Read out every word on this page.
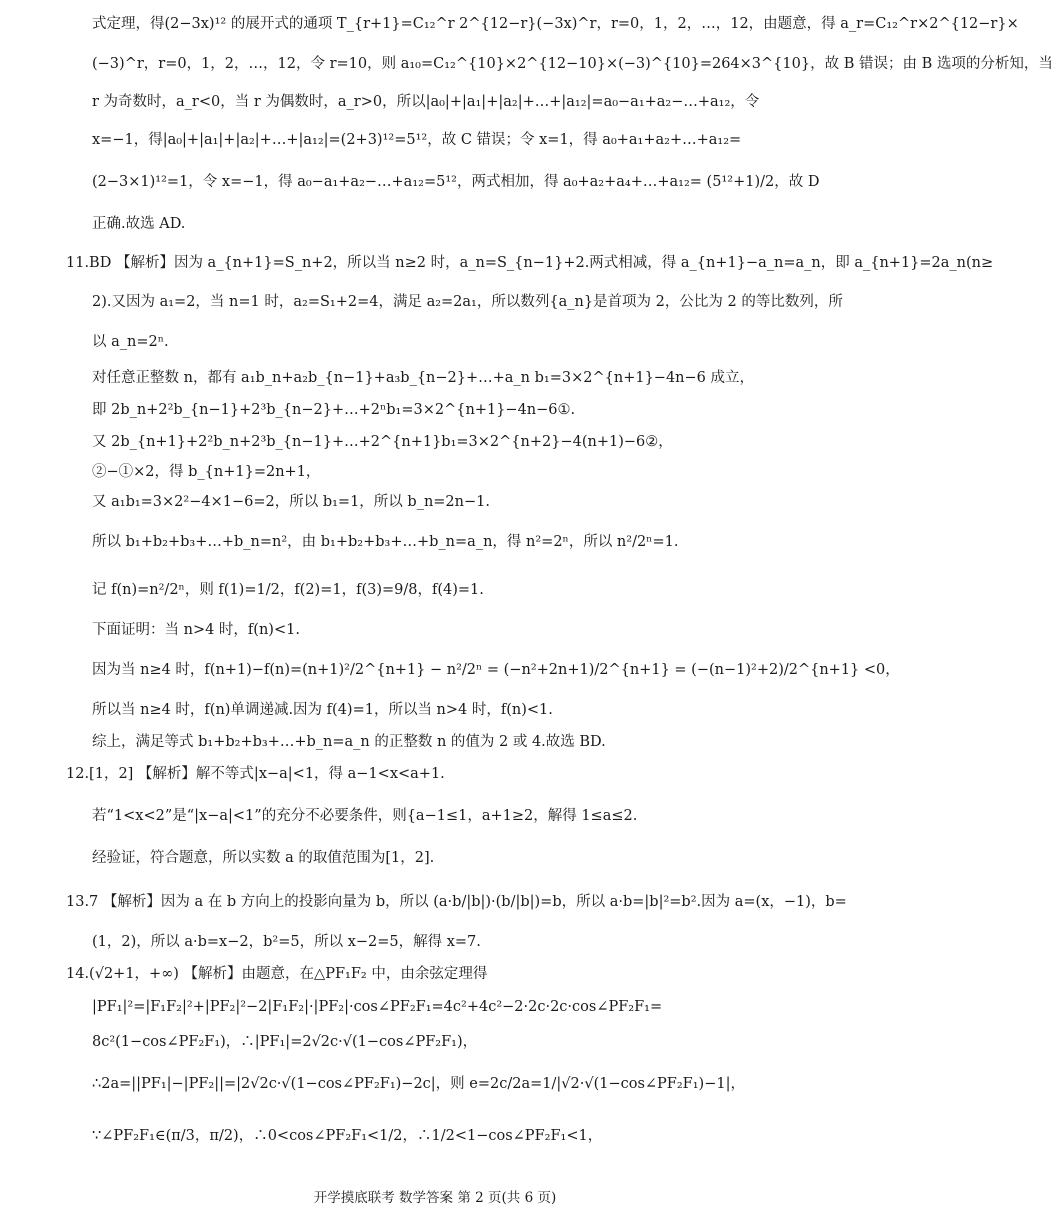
式定理，得(2−3x)¹² 的展开式的通项 T_{r+1}=C₁₂^r 2^{12−r}(−3x)^r，r=0，1，2，…，12，由题意，得 a_r=C₁₂^r×2^{12−r}×
(−3)^r，r=0，1，2，…，12，令 r=10，则 a₁₀=C₁₂^{10}×2^{12−10}×(−3)^{10}=264×3^{10}，故 B 错误；由 B 选项的分析知，当
r 为奇数时，a_r<0，当 r 为偶数时，a_r>0，所以|a₀|+|a₁|+|a₂|+…+|a₁₂|=a₀−a₁+a₂−…+a₁₂，令
x=−1，得|a₀|+|a₁|+|a₂|+…+|a₁₂|=(2+3)¹²=5¹²，故 C 错误；令 x=1，得 a₀+a₁+a₂+…+a₁₂=
(2−3×1)¹²=1，令 x=−1，得 a₀−a₁+a₂−…+a₁₂=5¹²，两式相加，得 a₀+a₂+a₄+…+a₁₂= (5¹²+1)/2，故 D
正确.故选 AD.
11.BD 【解析】因为 a_{n+1}=S_n+2，所以当 n≥2 时，a_n=S_{n−1}+2.两式相减，得 a_{n+1}−a_n=a_n，即 a_{n+1}=2a_n(n≥
2).又因为 a₁=2，当 n=1 时，a₂=S₁+2=4，满足 a₂=2a₁，所以数列{a_n}是首项为 2，公比为 2 的等比数列，所
以 a_n=2ⁿ.
对任意正整数 n，都有 a₁b_n+a₂b_{n−1}+a₃b_{n−2}+…+a_n b₁=3×2^{n+1}−4n−6 成立，
即 2b_n+2²b_{n−1}+2³b_{n−2}+…+2ⁿb₁=3×2^{n+1}−4n−6①.
又 2b_{n+1}+2²b_n+2³b_{n−1}+…+2^{n+1}b₁=3×2^{n+2}−4(n+1)−6②，
②−①×2，得 b_{n+1}=2n+1，
又 a₁b₁=3×2²−4×1−6=2，所以 b₁=1，所以 b_n=2n−1.
所以 b₁+b₂+b₃+…+b_n=n²，由 b₁+b₂+b₃+…+b_n=a_n，得 n²=2ⁿ，所以 n²/2ⁿ=1.
记 f(n)=n²/2ⁿ，则 f(1)=1/2，f(2)=1，f(3)=9/8，f(4)=1.
下面证明：当 n>4 时，f(n)<1.
因为当 n≥4 时，f(n+1)−f(n)=(n+1)²/2^{n+1} − n²/2ⁿ = (−n²+2n+1)/2^{n+1} = (−(n−1)²+2)/2^{n+1} <0，
所以当 n≥4 时，f(n)单调递减.因为 f(4)=1，所以当 n>4 时，f(n)<1.
综上，满足等式 b₁+b₂+b₃+…+b_n=a_n 的正整数 n 的值为 2 或 4.故选 BD.
12.[1，2] 【解析】解不等式|x−a|<1，得 a−1<x<a+1.
若“1<x<2”是“|x−a|<1”的充分不必要条件，则{a−1≤1，a+1≥2，解得 1≤a≤2.
经验证，符合题意，所以实数 a 的取值范围为[1，2].
13.7 【解析】因为 a 在 b 方向上的投影向量为 b，所以 (a·b/|b|)·(b/|b|)=b，所以 a·b=|b|²=b².因为 a=(x，−1)，b=
(1，2)，所以 a·b=x−2，b²=5，所以 x−2=5，解得 x=7.
14.(√2+1，+∞) 【解析】由题意，在△PF₁F₂ 中，由余弦定理得
|PF₁|²=|F₁F₂|²+|PF₂|²−2|F₁F₂|·|PF₂|·cos∠PF₂F₁=4c²+4c²−2·2c·2c·cos∠PF₂F₁=
8c²(1−cos∠PF₂F₁)，∴|PF₁|=2√2c·√(1−cos∠PF₂F₁)，
∴2a=||PF₁|−|PF₂||=|2√2c·√(1−cos∠PF₂F₁)−2c|，则 e=2c/2a=1/|√2·√(1−cos∠PF₂F₁)−1|，
∵∠PF₂F₁∈(π/3，π/2)，∴0<cos∠PF₂F₁<1/2，∴1/2<1−cos∠PF₂F₁<1，
开学摸底联考 数学答案 第 2 页(共 6 页)
